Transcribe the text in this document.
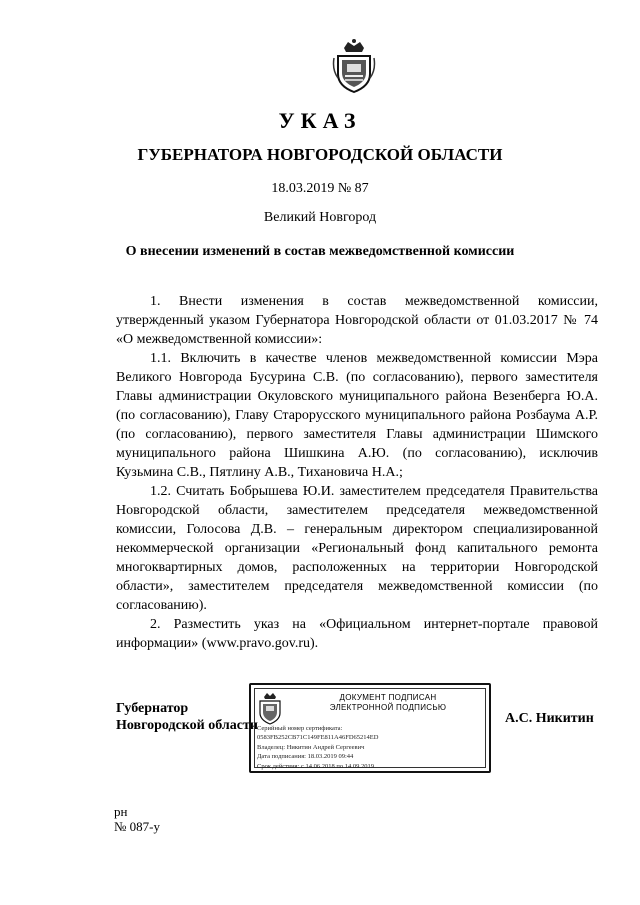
УКАЗ
ГУБЕРНАТОРА НОВГОРОДСКОЙ ОБЛАСТИ
18.03.2019 № 87
Великий Новгород
О внесении изменений в состав межведомственной комиссии

1. Внести изменения в состав межведомственной комиссии, утвержденный указом Губернатора Новгородской области от 01.03.2017 № 74 «О межведомственной комиссии»:

1.1. Включить в качестве членов межведомственной комиссии Мэра Великого Новгорода Бусурина С.В. (по согласованию), первого заместителя Главы администрации Окуловского муниципального района Везенберга Ю.А. (по согласованию), Главу Старорусского муниципального района Розбаума А.Р. (по согласованию), первого заместителя Главы администрации Шимского муниципального района Шишкина А.Ю. (по согласованию), исключив Кузьмина С.В., Пятлину А.В., Тихановича Н.А.;

1.2. Считать Бобрышева Ю.И. заместителем председателя Правительства Новгородской области, заместителем председателя межведомственной комиссии, Голосова Д.В. – генеральным директором специализированной некоммерческой организации «Региональный фонд капитального ремонта многоквартирных домов, расположенных на территории Новгородской области», заместителем председателя межведомственной комиссии (по согласованию).

2. Разместить указ на «Официальном интернет-портале правовой информации» (www.pravo.gov.ru).

Губернатор
Новгородской области
ДОКУМЕНТ ПОДПИСАН
ЭЛЕКТРОННОЙ ПОДПИСЬЮ
Серийный номер сертификата:
0583FB252CB71C149FE811A46FD65214ED
Владелец: Никитин Андрей Сергеевич
Дата подписания: 18.03.2019 09:44
Срок действия: с 14.06.2018 по 14.09.2019
А.С. Никитин
рн
№ 087-у
